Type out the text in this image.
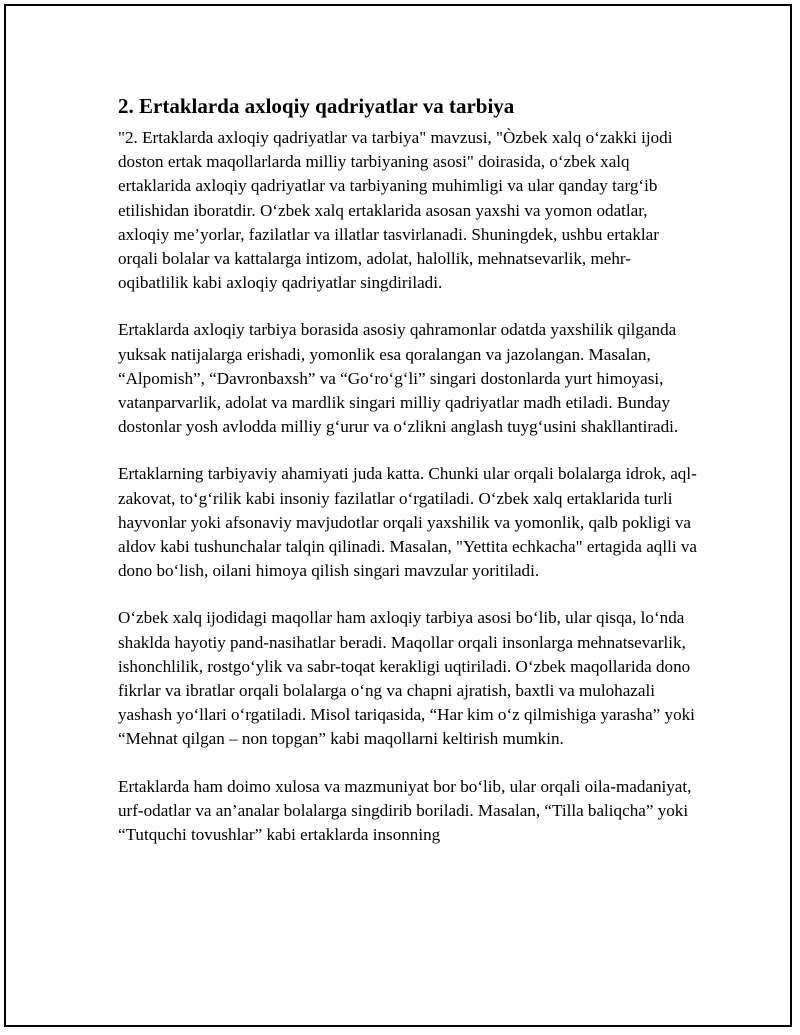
2. Ertaklarda axloqiy qadriyatlar va tarbiya

"2. Ertaklarda axloqiy qadriyatlar va tarbiya" mavzusi, "Òzbek xalq oʻzakki ijodi doston ertak maqollarlarda milliy tarbiyaning asosi" doirasida, oʻzbek xalq ertaklarida axloqiy qadriyatlar va tarbiyaning muhimligi va ular qanday targʻib etilishidan iboratdir. Oʻzbek xalq ertaklarida asosan yaxshi va yomon odatlar, axloqiy me’yorlar, fazilatlar va illatlar tasvirlanadi. Shuningdek, ushbu ertaklar orqali bolalar va kattalarga intizom, adolat, halollik, mehnatsevarlik, mehr-oqibatlilik kabi axloqiy qadriyatlar singdiriladi.

Ertaklarda axloqiy tarbiya borasida asosiy qahramonlar odatda yaxshilik qilganda yuksak natijalarga erishadi, yomonlik esa qoralangan va jazolangan. Masalan, “Alpomish”, “Davronbaxsh” va “Goʻroʻgʻli” singari dostonlarda yurt himoyasi, vatanparvarlik, adolat va mardlik singari milliy qadriyatlar madh etiladi. Bunday dostonlar yosh avlodda milliy gʻurur va oʻzlikni anglash tuygʻusini shakllantiradi.

Ertaklarning tarbiyaviy ahamiyati juda katta. Chunki ular orqali bolalarga idrok, aql-zakovat, toʻgʻrilik kabi insoniy fazilatlar oʻrgatiladi. Oʻzbek xalq ertaklarida turli hayvonlar yoki afsonaviy mavjudotlar orqali yaxshilik va yomonlik, qalb pokligi va aldov kabi tushunchalar talqin qilinadi. Masalan, "Yettita echkacha" ertagida aqlli va dono boʻlish, oilani himoya qilish singari mavzular yoritiladi.

Oʻzbek xalq ijodidagi maqollar ham axloqiy tarbiya asosi boʻlib, ular qisqa, loʻnda shaklda hayotiy pand-nasihatlar beradi. Maqollar orqali insonlarga mehnatsevarlik, ishonchlilik, rostgoʻylik va sabr-toqat kerakligi uqtiriladi. Oʻzbek maqollarida dono fikrlar va ibratlar orqali bolalarga oʻng va chapni ajratish, baxtli va mulohazali yashash yoʻllari oʻrgatiladi. Misol tariqasida, “Har kim oʻz qilmishiga yarasha” yoki “Mehnat qilgan – non topgan” kabi maqollarni keltirish mumkin.

Ertaklarda ham doimo xulosa va mazmuniyat bor boʻlib, ular orqali oila-madaniyat, urf-odatlar va an’analar bolalarga singdirib boriladi. Masalan, “Tilla baliqcha” yoki “Tutquchi tovushlar” kabi ertaklarda insonning
